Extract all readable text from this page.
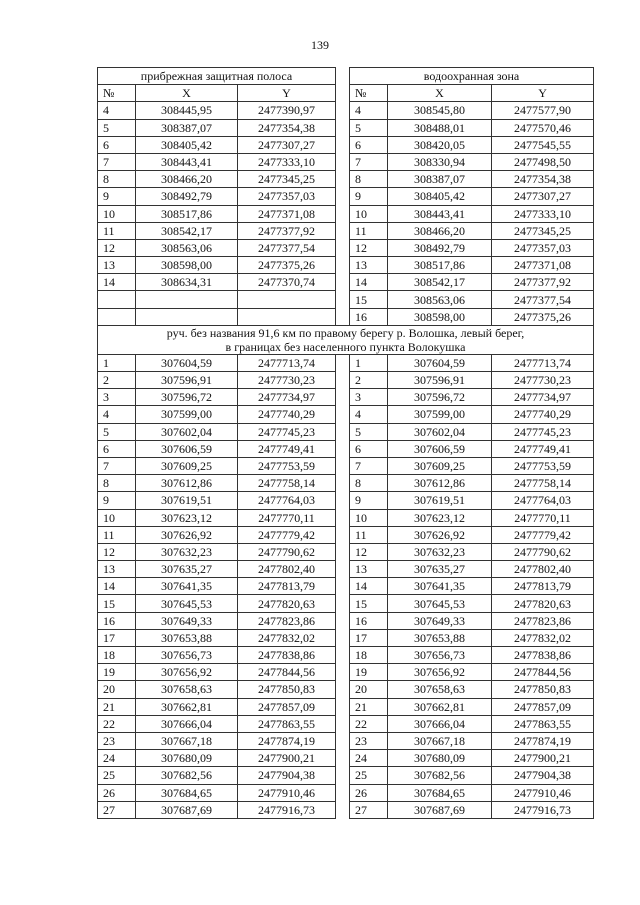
139
прибрежная защитная полоса				водоохранная зона		
№	X	Y		№	X	Y
4	308445,95	2477390,97		4	308545,80	2477577,90
5	308387,07	2477354,38		5	308488,01	2477570,46
6	308405,42	2477307,27		6	308420,05	2477545,55
7	308443,41	2477333,10		7	308330,94	2477498,50
8	308466,20	2477345,25		8	308387,07	2477354,38
9	308492,79	2477357,03		9	308405,42	2477307,27
10	308517,86	2477371,08		10	308443,41	2477333,10
11	308542,17	2477377,92		11	308466,20	2477345,25
12	308563,06	2477377,54		12	308492,79	2477357,03
13	308598,00	2477375,26		13	308517,86	2477371,08
14	308634,31	2477370,74		14	308542,17	2477377,92
				15	308563,06	2477377,54
				16	308598,00	2477375,26

руч. без названия 91,6 км по правому берегу р. Волошка, левый берег,
в границах без населенного пункта Волокушка						

1	307604,59	2477713,74		1	307604,59	2477713,74
2	307596,91	2477730,23		2	307596,91	2477730,23
3	307596,72	2477734,97		3	307596,72	2477734,97
4	307599,00	2477740,29		4	307599,00	2477740,29
5	307602,04	2477745,23		5	307602,04	2477745,23
6	307606,59	2477749,41		6	307606,59	2477749,41
7	307609,25	2477753,59		7	307609,25	2477753,59
8	307612,86	2477758,14		8	307612,86	2477758,14
9	307619,51	2477764,03		9	307619,51	2477764,03
10	307623,12	2477770,11		10	307623,12	2477770,11
11	307626,92	2477779,42		11	307626,92	2477779,42
12	307632,23	2477790,62		12	307632,23	2477790,62
13	307635,27	2477802,40		13	307635,27	2477802,40
14	307641,35	2477813,79		14	307641,35	2477813,79
15	307645,53	2477820,63		15	307645,53	2477820,63
16	307649,33	2477823,86		16	307649,33	2477823,86
17	307653,88	2477832,02		17	307653,88	2477832,02
18	307656,73	2477838,86		18	307656,73	2477838,86
19	307656,92	2477844,56		19	307656,92	2477844,56
20	307658,63	2477850,83		20	307658,63	2477850,83
21	307662,81	2477857,09		21	307662,81	2477857,09
22	307666,04	2477863,55		22	307666,04	2477863,55
23	307667,18	2477874,19		23	307667,18	2477874,19
24	307680,09	2477900,21		24	307680,09	2477900,21
25	307682,56	2477904,38		25	307682,56	2477904,38
26	307684,65	2477910,46		26	307684,65	2477910,46
27	307687,69	2477916,73		27	307687,69	2477916,73
